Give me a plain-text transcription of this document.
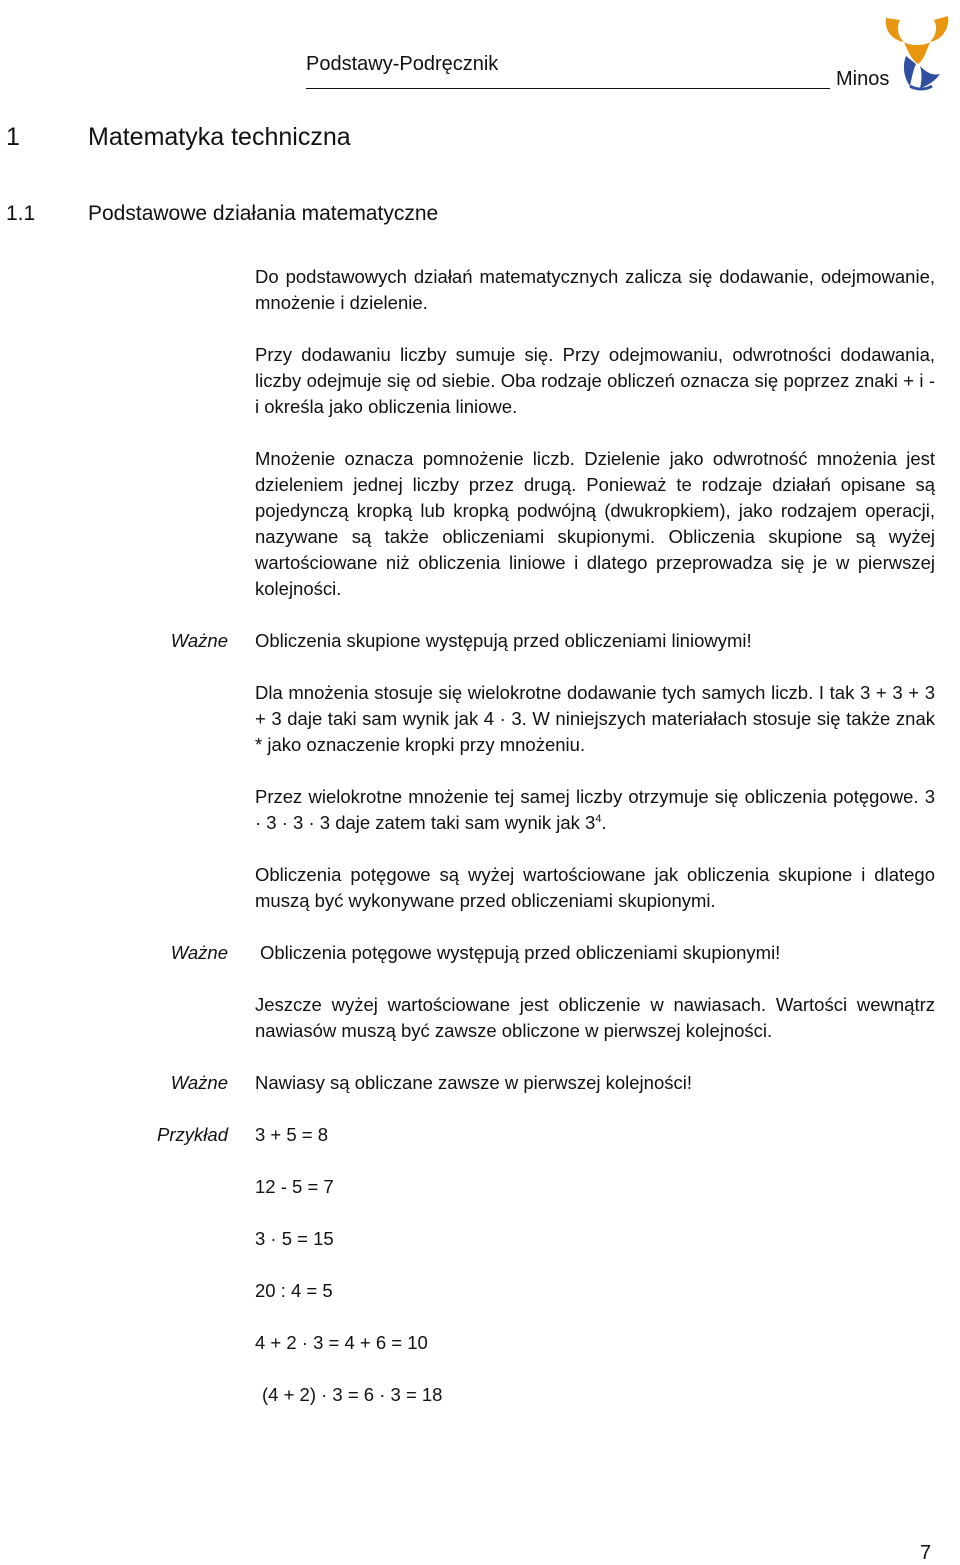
Podstawy-Podręcznik
Minos
1	Matematyka techniczna
1.1	Podstawowe działania matematyczne

Do podstawowych działań matematycznych zalicza się dodawanie, odejmowanie, mnożenie i dzielenie.

Przy dodawaniu liczby sumuje się. Przy odejmowaniu, odwrotności dodawania, liczby odejmuje się od siebie. Oba rodzaje obliczeń oznacza się poprzez znaki + i - i określa jako obliczenia liniowe.

Mnożenie oznacza pomnożenie liczb. Dzielenie jako odwrotność mnożenia jest dzieleniem jednej liczby przez drugą. Ponieważ te rodzaje działań opisane są pojedynczą kropką lub kropką podwójną (dwukropkiem), jako rodzajem operacji, nazywane są także obliczeniami skupionymi. Obliczenia skupione są wyżej wartościowane niż obliczenia liniowe i dlatego przeprowadza się je w pierwszej kolejności.

Ważne Obliczenia skupione występują przed obliczeniami liniowymi!

Dla mnożenia stosuje się wielokrotne dodawanie tych samych liczb. I tak 3 + 3 + 3 + 3 daje taki sam wynik jak 4 · 3. W niniejszych materiałach stosuje się także znak * jako oznaczenie kropki przy mnożeniu.

Przez wielokrotne mnożenie tej samej liczby otrzymuje się obliczenia potęgowe. 3 · 3 · 3 · 3 daje zatem taki sam wynik jak $3^4$.

Obliczenia potęgowe są wyżej wartościowane jak obliczenia skupione i dlatego muszą być wykonywane przed obliczeniami skupionymi.

Ważne Obliczenia potęgowe występują przed obliczeniami skupionymi!

Jeszcze wyżej wartościowane jest obliczenie w nawiasach. Wartości wewnątrz nawiasów muszą być zawsze obliczone w pierwszej kolejności.

Ważne Nawiasy są obliczane zawsze w pierwszej kolejności!

Przykład 3 + 5 = 8
12 - 5 = 7
3 · 5 = 15
20 : 4 = 5
4 + 2 · 3 = 4 + 6 = 10
(4 + 2) · 3 = 6 · 3 = 18
7
